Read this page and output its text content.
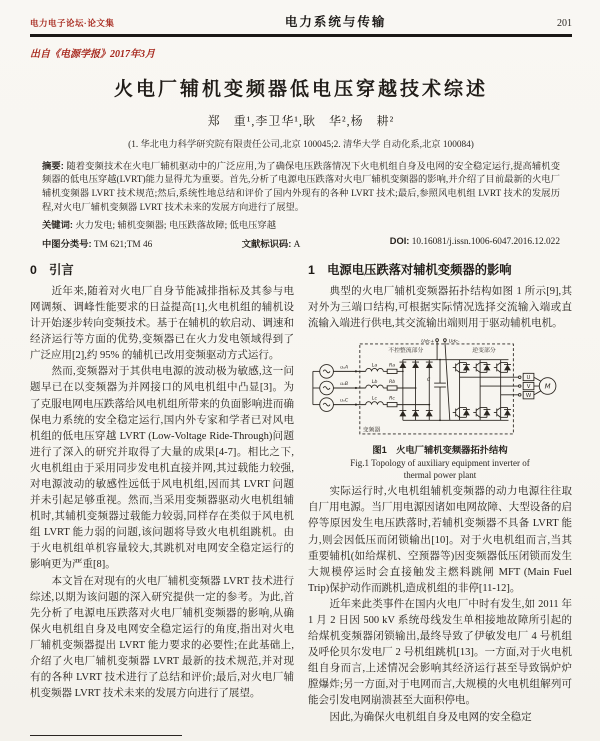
电力电子论坛·论文集	电力系统与传输	201
出自《电源学报》2017年3月
火电厂辅机变频器低电压穿越技术综述
郑　重¹,李卫华¹,耿　华²,杨　耕²
(1. 华北电力科学研究院有限责任公司,北京 100045;2. 清华大学 自动化系,北京 100084)

摘要: 随着变频技术在火电厂辅机驱动中的广泛应用,为了确保电压跌落情况下火电机组自身及电网的安全稳定运行,提高辅机变频器的低电压穿越(LVRT)能力显得尤为重要。首先,分析了电源电压跌落对火电厂辅机变频器的影响,并介绍了目前最新的火电厂辅机变频器 LVRT 技术规范;然后,系统性地总结和评价了国内外现有的各种 LVRT 技术;最后,参照风电机组 LVRT 技术的发展历程,对火电厂辅机变频器 LVRT 技术未来的发展方向进行了展望。

关键词: 火力发电; 辅机变频器; 电压跌落故障; 低电压穿越
中图分类号: TM 621;TM 46	文献标识码: A	DOI: 10.16081/j.issn.1006-6047.2016.12.022
0　引言

近年来,随着对火电厂自身节能减排指标及其参与电网调频、调峰性能要求的日益提高[1],火电机组的辅机设计开始逐步转向变频技术。基于在辅机的软启动、调速和经济运行等方面的优势,变频器已在火力发电领域得到了广泛应用[2],约 95% 的辅机已改用变频驱动方式运行。

然而,变频器对于其供电电源的波动极为敏感,这一问题早已在以变频器为并网接口的风电机组中凸显[3]。为了克服电网电压跌落给风电机组所带来的负面影响进而确保电力系统的安全稳定运行,国内外专家和学者已对风电机组的低电压穿越 LVRT (Low-Voltage Ride-Through)问题进行了深入的研究并取得了大量的成果[4-7]。相比之下,火电机组由于采用同步发电机直接并网,其过载能力较强,对电源波动的敏感性远低于风电机组,因而其 LVRT 问题并未引起足够重视。然而,当采用变频器驱动火电机组辅机时,其辅机变频器过载能力较弱,同样存在类似于风电机组 LVRT 能力弱的问题,该问题将导致火电机组跳机。由于火电机组单机容量较大,其跳机对电网安全稳定运行的影响更为严重[8]。

本文旨在对现有的火电厂辅机变频器 LVRT 技术进行综述,以期为该问题的深入研究提供一定的参考。为此,首先分析了电源电压跌落对火电厂辅机变频器的影响,从确保火电机组自身及电网安全稳定运行的角度,指出对火电厂辅机变频器提出 LVRT 能力要求的必要性;在此基础上,介绍了火电厂辅机变频器 LVRT 最新的技术规范,并对现有的各种 LVRT 技术进行了总结和评价;最后,对火电厂辅机变频器 LVRT 技术未来的发展方向进行了展望。

1　电源电压跌落对辅机变频器的影响

典型的火电厂辅机变频器拓扑结构如图 1 所示[9],其对外为三端口结构,可根据实际情况选择交流输入端或直流输入端进行供电,其交流输出端则用于驱动辅机电机。

uₛA
uₛB
uₛC
La
Lb
Lc
Ra
Rb
Rc
Udc+	Udc-
C	U
V
W
M
不控整流部分	逆变部分
变频器
图1　火电厂辅机变频器拓扑结构
Fig.1 Topology of auxiliary equipment inverter of
thermal power plant

实际运行时,火电机组辅机变频器的动力电源往往取自厂用电源。当厂用电源因诸如电网故障、大型设备的启停等原因发生电压跌落时,若辅机变频器不具备 LVRT 能力,则会因低压而闭锁输出[10]。对于火电机组而言,当其重要辅机(如给煤机、空预器等)因变频器低压闭锁而发生大规模停运时会直接触发主燃料跳闸 MFT (Main Fuel Trip)保护动作而跳机,造成机组的非停[11-12]。

近年来此类事件在国内火电厂中时有发生,如 2011 年 1 月 2 日因 500 kV 系统母线发生单相接地故障所引起的给煤机变频器闭锁输出,最终导致了伊敏发电厂 4 号机组及呼伦贝尔发电厂 2 号机组跳机[13]。一方面,对于火电机组自身而言,上述情况会影响其经济运行甚至导致锅炉炉膛爆炸;另一方面,对于电网而言,大规模的火电机组解列可能会引发电网崩溃甚至大面积停电。

因此,为确保火电机组自身及电网的安全稳定
